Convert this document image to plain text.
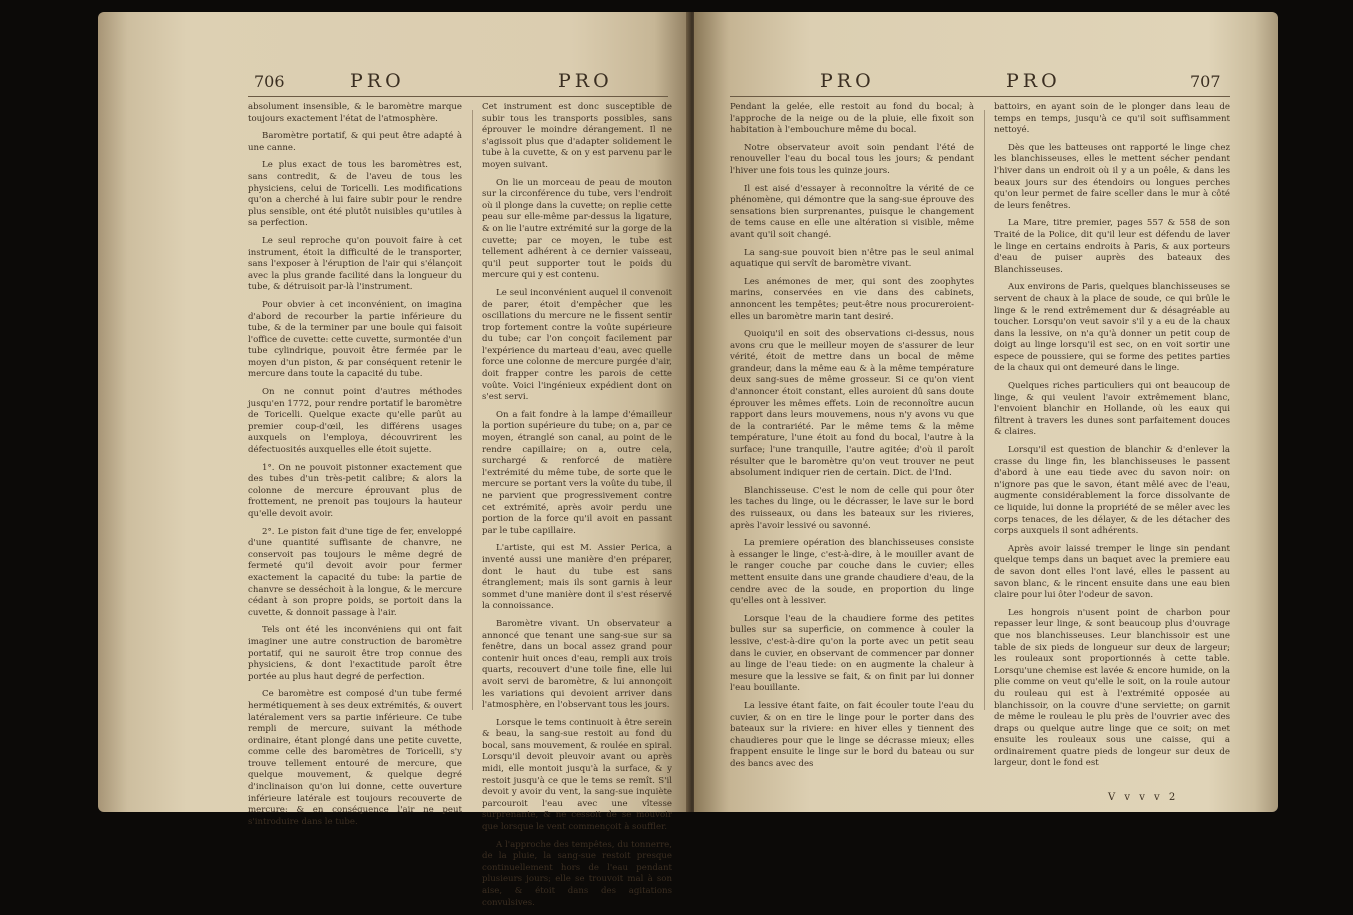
706	PRO	PRO

absolument insensible, & le baromètre marque toujours exactement l'état de l'atmosphère.

Baromètre portatif, & qui peut être adapté à une canne.

Le plus exact de tous les baromètres est, sans contredit, & de l'aveu de tous les physiciens, celui de Toricelli. Les modifications qu'on a cherché à lui faire subir pour le rendre plus sensible, ont été plutôt nuisibles qu'utiles à sa perfection.

Le seul reproche qu'on pouvoit faire à cet instrument, étoit la difficulté de le transporter, sans l'exposer à l'éruption de l'air qui s'élançoit avec la plus grande facilité dans la longueur du tube, & détruisoit par-là l'instrument.

Pour obvier à cet inconvénient, on imagina d'abord de recourber la partie inférieure du tube, & de la terminer par une boule qui faisoit l'office de cuvette: cette cuvette, surmontée d'un tube cylindrique, pouvoit être fermée par le moyen d'un piston, & par conséquent retenir le mercure dans toute la capacité du tube.

On ne connut point d'autres méthodes jusqu'en 1772, pour rendre portatif le baromètre de Toricelli. Quelque exacte qu'elle parût au premier coup-d'œil, les différens usages auxquels on l'employa, découvrirent les défectuosités auxquelles elle étoit sujette.

1°. On ne pouvoit pistonner exactement que des tubes d'un très-petit calibre; & alors la colonne de mercure éprouvant plus de frottement, ne prenoit pas toujours la hauteur qu'elle devoit avoir.

2°. Le piston fait d'une tige de fer, enveloppé d'une quantité suffisante de chanvre, ne conservoit pas toujours le même degré de fermeté qu'il devoit avoir pour fermer exactement la capacité du tube: la partie de chanvre se desséchoit à la longue, & le mercure cédant à son propre poids, se portoit dans la cuvette, & donnoit passage à l'air.

Tels ont été les inconvéniens qui ont fait imaginer une autre construction de baromètre portatif, qui ne sauroit être trop connue des physiciens, & dont l'exactitude paroît être portée au plus haut degré de perfection.

Ce baromètre est composé d'un tube fermé hermétiquement à ses deux extrémités, & ouvert latéralement vers sa partie inférieure. Ce tube rempli de mercure, suivant la méthode ordinaire, étant plongé dans une petite cuvette, comme celle des baromètres de Toricelli, s'y trouve tellement entouré de mercure, que quelque mouvement, & quelque degré d'inclinaison qu'on lui donne, cette ouverture inférieure latérale est toujours recouverte de mercure; & en conséquence l'air ne peut s'introduire dans le tube.

Cet instrument est donc susceptible de subir tous les transports possibles, sans éprouver le moindre dérangement. Il ne s'agissoit plus que d'adapter solidement le tube à la cuvette, & on y est parvenu par le moyen suivant.

On lie un morceau de peau de mouton sur la circonférence du tube, vers l'endroit où il plonge dans la cuvette; on replie cette peau sur elle-même par-dessus la ligature, & on lie l'autre extrémité sur la gorge de la cuvette; par ce moyen, le tube est tellement adhérent à ce dernier vaisseau, qu'il peut supporter tout le poids du mercure qui y est contenu.

Le seul inconvénient auquel il convenoit de parer, étoit d'empêcher que les oscillations du mercure ne le fissent sentir trop fortement contre la voûte supérieure du tube; car l'on conçoit facilement par l'expérience du marteau d'eau, avec quelle force une colonne de mercure purgée d'air, doit frapper contre les parois de cette voûte. Voici l'ingénieux expédient dont on s'est servi.

On a fait fondre à la lampe d'émailleur la portion supérieure du tube; on a, par ce moyen, étranglé son canal, au point de le rendre capillaire; on a, outre cela, surchargé & renforcé de matière l'extrémité du même tube, de sorte que le mercure se portant vers la voûte du tube, il ne parvient que progressivement contre cet extrémité, après avoir perdu une portion de la force qu'il avoit en passant par le tube capillaire.

L'artiste, qui est M. Assier Perica, a inventé aussi une manière d'en préparer, dont le haut du tube est sans étranglement; mais ils sont garnis à leur sommet d'une manière dont il s'est réservé la connoissance.

Baromètre vivant. Un observateur a annoncé que tenant une sang-sue sur sa fenêtre, dans un bocal assez grand pour contenir huit onces d'eau, rempli aux trois quarts, recouvert d'une toile fine, elle lui avoit servi de baromètre, & lui annonçoit les variations qui devoient arriver dans l'atmosphère, en l'observant tous les jours.

Lorsque le tems continuoit à être serein & beau, la sang-sue restoit au fond du bocal, sans mouvement, & roulée en spiral. Lorsqu'il devoit pleuvoir avant ou après midi, elle montoit jusqu'à la surface, & y restoit jusqu'à ce que le tems se remît. S'il devoit y avoir du vent, la sang-sue inquiète parcouroit l'eau avec une vîtesse surprenante, & ne cessoit de se mouvoir que lorsque le vent commençoit à souffler.

A l'approche des tempêtes, du tonnerre, de la pluie, la sang-sue restoit presque continuellement hors de l'eau pendant plusieurs jours; elle se trouvoit mal à son aise, & étoit dans des agitations convulsives.

PRO	PRO	707

Pendant la gelée, elle restoit au fond du bocal; à l'approche de la neige ou de la pluie, elle fixoit son habitation à l'embouchure même du bocal.

Notre observateur avoit soin pendant l'été de renouveller l'eau du bocal tous les jours; & pendant l'hiver une fois tous les quinze jours.

Il est aisé d'essayer à reconnoître la vérité de ce phénomène, qui démontre que la sang-sue éprouve des sensations bien surprenantes, puisque le changement de tems cause en elle une altération si visible, même avant qu'il soit changé.

La sang-sue pouvoit bien n'être pas le seul animal aquatique qui servît de baromètre vivant.

Les anémones de mer, qui sont des zoophytes marins, conservées en vie dans des cabinets, annoncent les tempêtes; peut-être nous procureroient-elles un baromètre marin tant desiré.

Quoiqu'il en soit des observations ci-dessus, nous avons cru que le meilleur moyen de s'assurer de leur vérité, étoit de mettre dans un bocal de même grandeur, dans la même eau & à la même température deux sang-sues de même grosseur. Si ce qu'on vient d'annoncer étoit constant, elles auroient dû sans doute éprouver les mêmes effets. Loin de reconnoître aucun rapport dans leurs mouvemens, nous n'y avons vu que de la contrariété. Par le même tems & la même température, l'une étoit au fond du bocal, l'autre à la surface; l'une tranquille, l'autre agitée; d'où il paroît résulter que le baromètre qu'on veut trouver ne peut absolument indiquer rien de certain. Dict. de l'Ind.

Blanchisseuse. C'est le nom de celle qui pour ôter les taches du linge, ou le décrasser, le lave sur le bord des ruisseaux, ou dans les bateaux sur les rivieres, après l'avoir lessivé ou savonné.

La premiere opération des blanchisseuses consiste à essanger le linge, c'est-à-dire, à le mouiller avant de le ranger couche par couche dans le cuvier; elles mettent ensuite dans une grande chaudiere d'eau, de la cendre avec de la soude, en proportion du linge qu'elles ont à lessiver.

Lorsque l'eau de la chaudiere forme des petites bulles sur sa superficie, on commence à couler la lessive, c'est-à-dire qu'on la porte avec un petit seau dans le cuvier, en observant de commencer par donner au linge de l'eau tiede: on en augmente la chaleur à mesure que la lessive se fait, & on finit par lui donner l'eau bouillante.

La lessive étant faite, on fait écouler toute l'eau du cuvier, & on en tire le linge pour le porter dans des bateaux sur la riviere: en hiver elles y tiennent des chaudieres pour que le linge se décrasse mieux; elles frappent ensuite le linge sur le bord du bateau ou sur des bancs avec des

battoirs, en ayant soin de le plonger dans leau de temps en temps, jusqu'à ce qu'il soit suffisamment nettoyé.

Dès que les batteuses ont rapporté le linge chez les blanchisseuses, elles le mettent sécher pendant l'hiver dans un endroit où il y a un poêle, & dans les beaux jours sur des étendoirs ou longues perches qu'on leur permet de faire sceller dans le mur à côté de leurs fenêtres.

La Mare, titre premier, pages 557 & 558 de son Traité de la Police, dit qu'il leur est défendu de laver le linge en certains endroits à Paris, & aux porteurs d'eau de puiser auprès des bateaux des Blanchisseuses.

Aux environs de Paris, quelques blanchisseuses se servent de chaux à la place de soude, ce qui brûle le linge & le rend extrêmement dur & désagréable au toucher. Lorsqu'on veut savoir s'il y a eu de la chaux dans la lessive, on n'a qu'à donner un petit coup de doigt au linge lorsqu'il est sec, on en voit sortir une espece de poussiere, qui se forme des petites parties de la chaux qui ont demeuré dans le linge.

Quelques riches particuliers qui ont beaucoup de linge, & qui veulent l'avoir extrêmement blanc, l'envoient blanchir en Hollande, où les eaux qui filtrent à travers les dunes sont parfaitement douces & claires.

Lorsqu'il est question de blanchir & d'enlever la crasse du linge fin, les blanchisseuses le passent d'abord à une eau tiede avec du savon noir: on n'ignore pas que le savon, étant mêlé avec de l'eau, augmente considérablement la force dissolvante de ce liquide, lui donne la propriété de se mêler avec les corps tenaces, de les délayer, & de les détacher des corps auxquels il sont adhérents.

Après avoir laissé tremper le linge sin pendant quelque temps dans un baquet avec la premiere eau de savon dont elles l'ont lavé, elles le passent au savon blanc, & le rincent ensuite dans une eau bien claire pour lui ôter l'odeur de savon.

Les hongrois n'usent point de charbon pour repasser leur linge, & sont beaucoup plus d'ouvrage que nos blanchisseuses. Leur blanchissoir est une table de six pieds de longueur sur deux de largeur; les rouleaux sont proportionnés à cette table. Lorsqu'une chemise est lavée & encore humide, on la plie comme on veut qu'elle le soit, on la roule autour du rouleau qui est à l'extrémité opposée au blanchissoir, on la couvre d'une serviette; on garnit de même le rouleau le plu près de l'ouvrier avec des draps ou quelque autre linge que ce soit; on met ensuite les rouleaux sous une caisse, qui a ordinairement quatre pieds de longeur sur deux de largeur, dont le fond est

V v v v 2
